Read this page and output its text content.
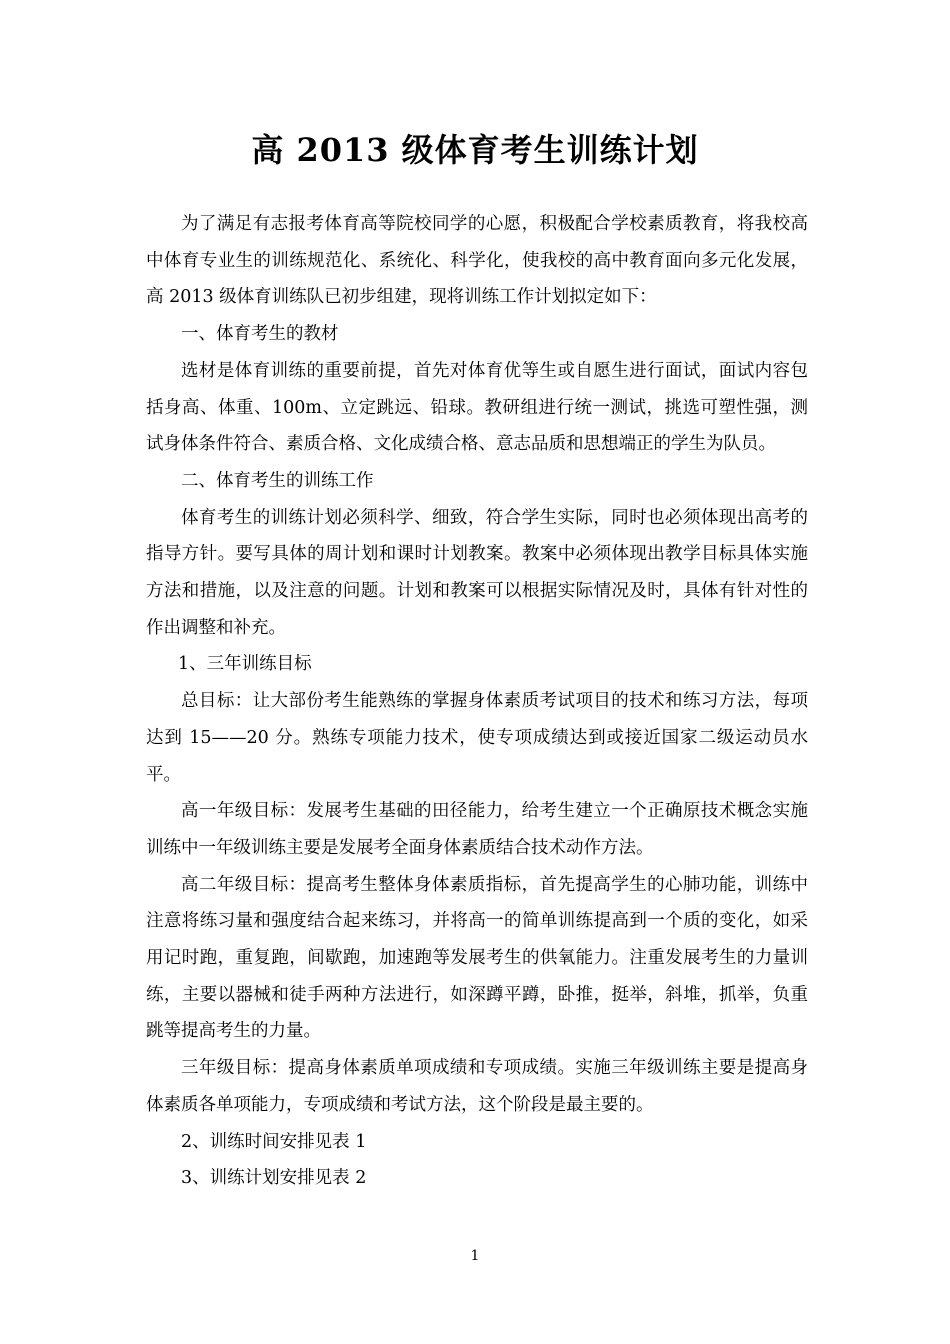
高 2013 级体育考生训练计划

为了满足有志报考体育高等院校同学的心愿，积极配合学校素质教育，将我校高中体育专业生的训练规范化、系统化、科学化，使我校的高中教育面向多元化发展，高 2013 级体育训练队已初步组建，现将训练工作计划拟定如下：

一、体育考生的教材

选材是体育训练的重要前提，首先对体育优等生或自愿生进行面试，面试内容包括身高、体重、100m、立定跳远、铅球。教研组进行统一测试，挑选可塑性强，测试身体条件符合、素质合格、文化成绩合格、意志品质和思想端正的学生为队员。

二、体育考生的训练工作

体育考生的训练计划必须科学、细致，符合学生实际，同时也必须体现出高考的指导方针。要写具体的周计划和课时计划教案。教案中必须体现出教学目标具体实施方法和措施，以及注意的问题。计划和教案可以根据实际情况及时，具体有针对性的作出调整和补充。

1、三年训练目标

总目标：让大部份考生能熟练的掌握身体素质考试项目的技术和练习方法，每项达到 15——20 分。熟练专项能力技术，使专项成绩达到或接近国家二级运动员水平。

高一年级目标：发展考生基础的田径能力，给考生建立一个正确原技术概念实施训练中一年级训练主要是发展考全面身体素质结合技术动作方法。

高二年级目标：提高考生整体身体素质指标，首先提高学生的心肺功能，训练中注意将练习量和强度结合起来练习，并将高一的简单训练提高到一个质的变化，如采用记时跑，重复跑，间歇跑，加速跑等发展考生的供氧能力。注重发展考生的力量训练，主要以器械和徒手两种方法进行，如深蹲平蹲，卧推，挺举，斜堆，抓举，负重跳等提高考生的力量。

三年级目标：提高身体素质单项成绩和专项成绩。实施三年级训练主要是提高身体素质各单项能力，专项成绩和考试方法，这个阶段是最主要的。

2、训练时间安排见表 1

3、训练计划安排见表 2

1
